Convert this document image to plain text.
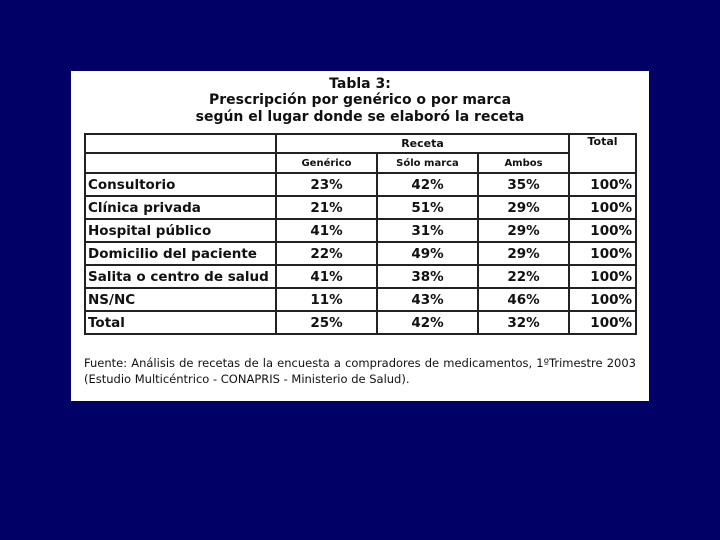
Tabla 3:
Prescripción por genérico o por marca
según el lugar donde se elaboró la receta
	Receta			Total
	Genérico	Sólo marca	Ambos	
Consultorio	23%	42%	35%	100%
Clínica privada	21%	51%	29%	100%
Hospital público	41%	31%	29%	100%
Domicilio del paciente	22%	49%	29%	100%
Salita o centro de salud	41%	38%	22%	100%
NS/NC	11%	43%	46%	100%
Total	25%	42%	32%	100%
Fuente: Análisis de recetas de la encuesta a compradores de medicamentos, 1ºTrimestre 2003
(Estudio Multicéntrico - CONAPRIS - Ministerio de Salud).
